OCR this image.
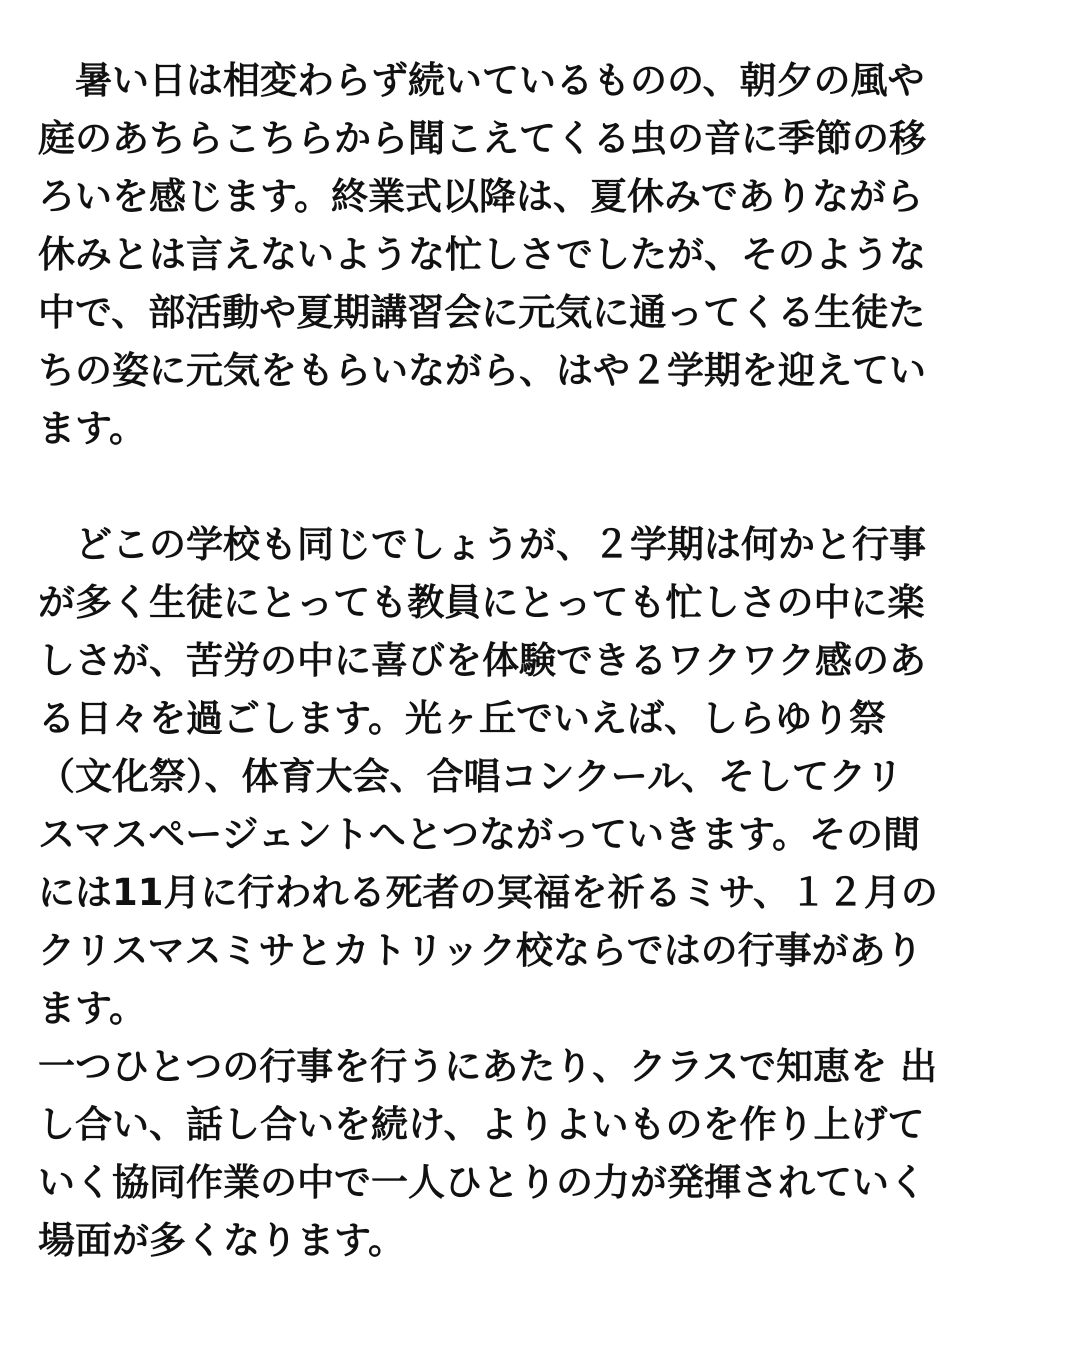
　暑い日は相変わらず続いているものの、朝夕の風や
庭のあちらこちらから聞こえてくる虫の音に季節の移
ろいを感じます。終業式以降は、夏休みでありながら
休みとは言えないような忙しさでしたが、そのような
中で、部活動や夏期講習会に元気に通ってくる生徒た
ちの姿に元気をもらいながら、はや２学期を迎えてい
ます。
　どこの学校も同じでしょうが、２学期は何かと行事
が多く生徒にとっても教員にとっても忙しさの中に楽
しさが、苦労の中に喜びを体験できるワクワク感のあ
る日々を過ごします。光ヶ丘でいえば、しらゆり祭
（文化祭）、体育大会、合唱コンクール、そしてクリ
スマスページェントへとつながっていきます。その間
には11月に行われる死者の冥福を祈るミサ、１２月の
クリスマスミサとカトリック校ならではの行事があり
ます。
一つひとつの行事を行うにあたり、クラスで知恵を 出
し合い、話し合いを続け、よりよいものを作り上げて
いく協同作業の中で一人ひとりの力が発揮されていく
場面が多くなります。
